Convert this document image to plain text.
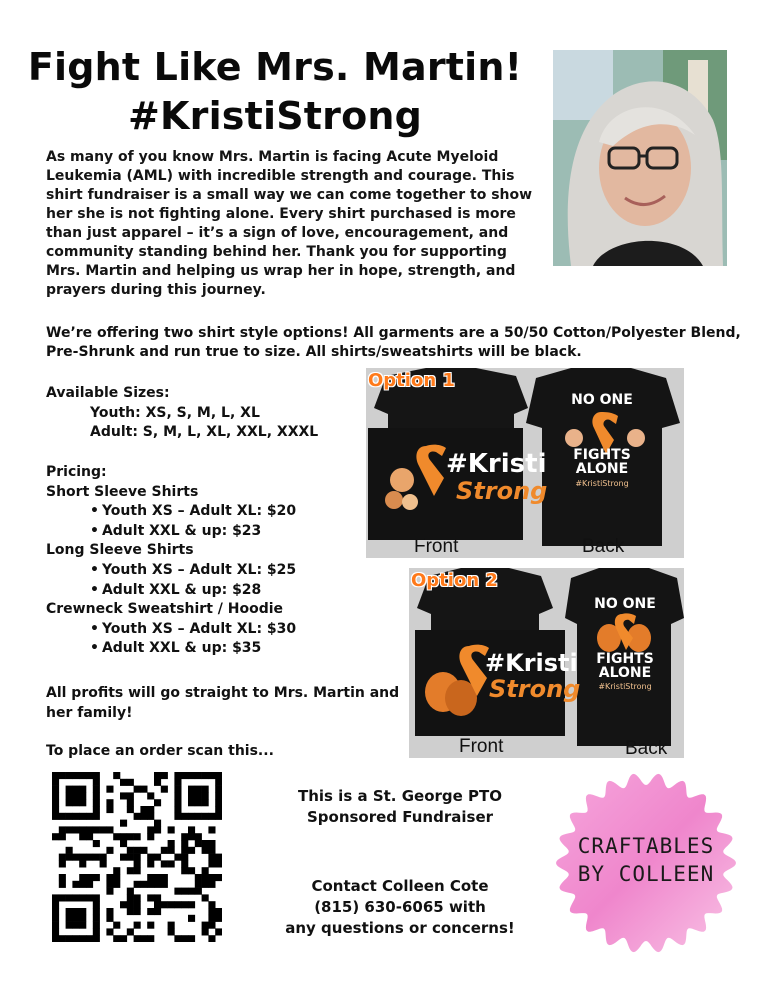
Fight Like Mrs. Martin!
#KristiStrong
As many of you know Mrs. Martin is facing Acute Myeloid Leukemia (AML) with incredible strength and courage. This shirt fundraiser is a small way we can come together to show her she is not fighting alone. Every shirt purchased is more than just apparel – it’s a sign of love, encouragement, and community standing behind her. Thank you for supporting Mrs. Martin and helping us wrap her in hope, strength, and prayers during this journey.
We’re offering two shirt style options! All garments are a 50/50 Cotton/Polyester Blend, Pre-Shrunk and run true to size. All shirts/sweatshirts will be black.
Available Sizes:
Youth: XS, S, M, L, XL
Adult: S, M, L, XL, XXL, XXXL
Pricing:
Short Sleeve Shirts
• Youth XS – Adult XL: $20
• Adult XXL & up: $23
Long Sleeve Shirts
• Youth XS – Adult XL: $25
• Adult XXL & up: $28
Crewneck Sweatshirt / Hoodie
• Youth XS – Adult XL: $30
• Adult XXL & up: $35
All profits will go straight to Mrs. Martin and her family!
To place an order scan this...
Option 1
#Kristi
Strong
NO ONE
FIGHTS
ALONE
#KristiStrong
Front	Back
Option 2
#Kristi
Strong
NO ONE
FIGHTS
ALONE
#KristiStrong
Front	Back
This is a St. George PTO
Sponsored Fundraiser
Contact Colleen Cote
(815) 630-6065 with
any questions or concerns!
CRAFTABLES
BY COLLEEN
